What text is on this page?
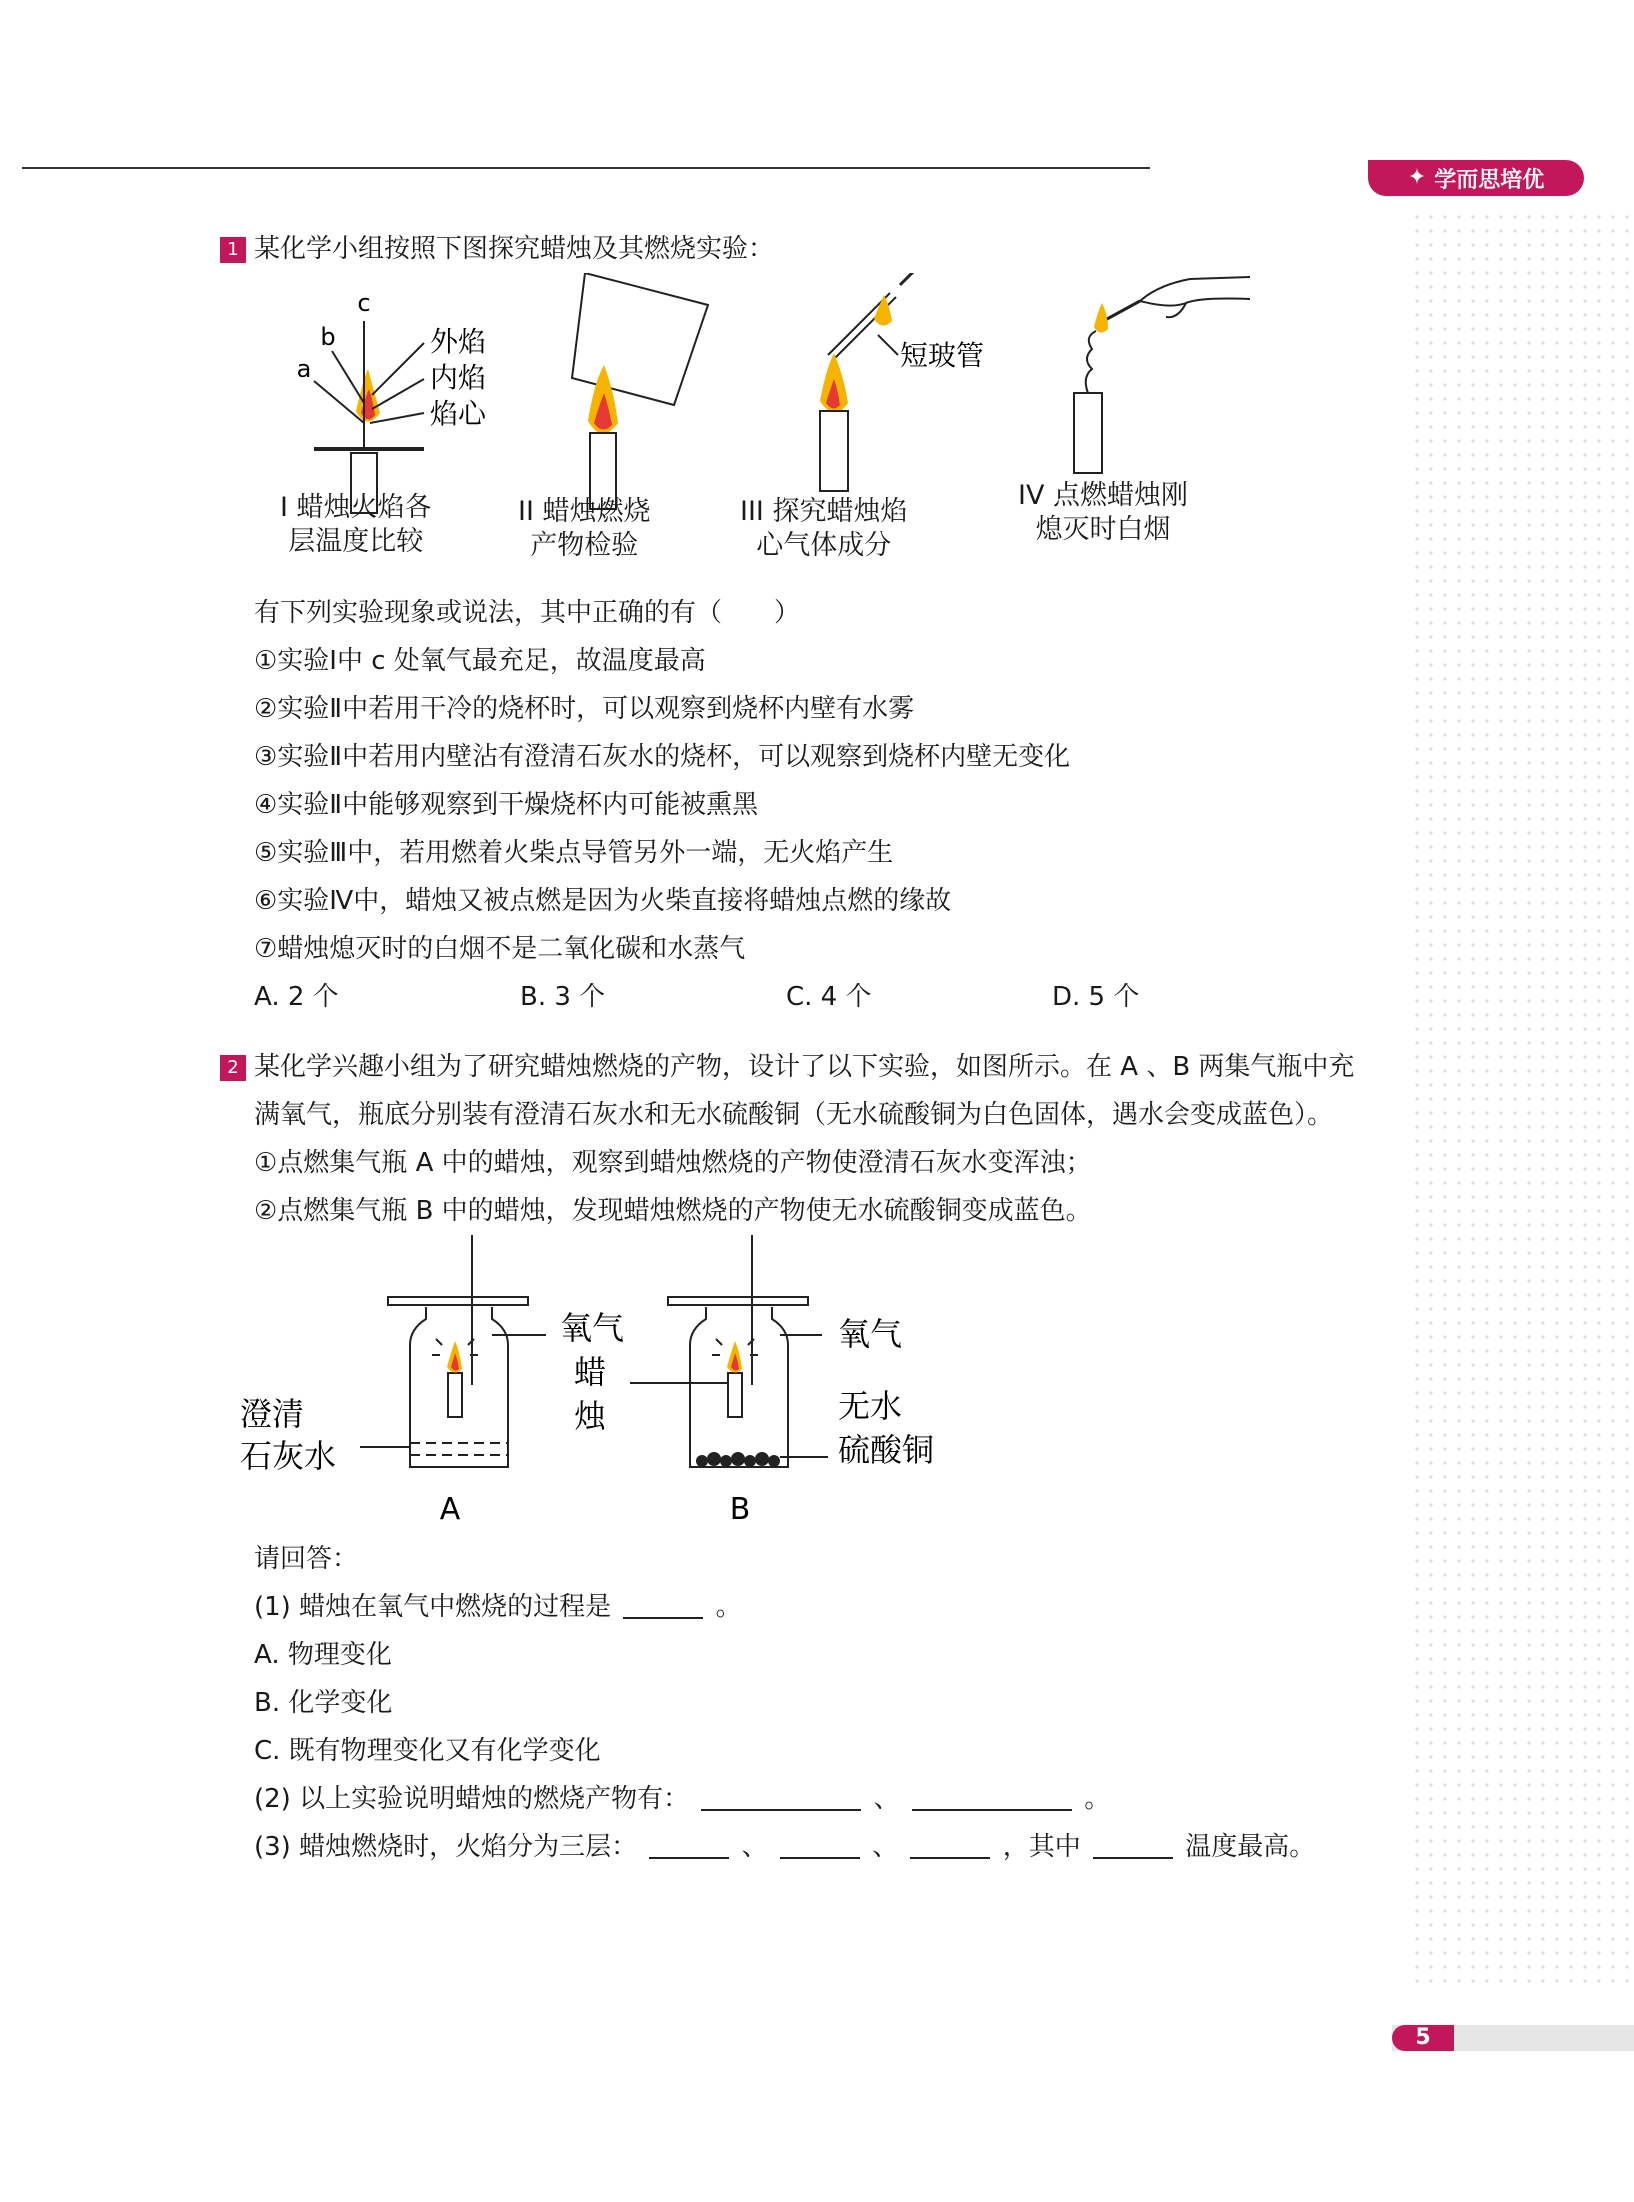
✦ 学而思培优
5
1 某化学小组按照下图探究蜡烛及其燃烧实验：
c
b
a
外焰
内焰
焰心
短玻管
I 蜡烛火焰各
层温度比较
II 蜡烛燃烧
产物检验
III 探究蜡烛焰
心气体成分
IV 点燃蜡烛刚
熄灭时白烟
有下列实验现象或说法，其中正确的有（　　）
①实验Ⅰ中 c 处氧气最充足，故温度最高
②实验Ⅱ中若用干冷的烧杯时，可以观察到烧杯内壁有水雾
③实验Ⅱ中若用内壁沾有澄清石灰水的烧杯，可以观察到烧杯内壁无变化
④实验Ⅱ中能够观察到干燥烧杯内可能被熏黑
⑤实验Ⅲ中，若用燃着火柴点导管另外一端，无火焰产生
⑥实验Ⅳ中，蜡烛又被点燃是因为火柴直接将蜡烛点燃的缘故
⑦蜡烛熄灭时的白烟不是二氧化碳和水蒸气
A. 2 个	B. 3 个	C. 4 个	D. 5 个
2 某化学兴趣小组为了研究蜡烛燃烧的产物，设计了以下实验，如图所示。在 A 、B 两集气瓶中充满氧气，瓶底分别装有澄清石灰水和无水硫酸铜（无水硫酸铜为白色固体，遇水会变成蓝色）。
①点燃集气瓶 A 中的蜡烛，观察到蜡烛燃烧的产物使澄清石灰水变浑浊；
②点燃集气瓶 B 中的蜡烛，发现蜡烛燃烧的产物使无水硫酸铜变成蓝色。
氧气
蜡
烛
澄清
石灰水
氧气
无水
硫酸铜
A	B
请回答：
(1) 蜡烛在氧气中燃烧的过程是	。
A. 物理变化
B. 化学变化
C. 既有物理变化又有化学变化
(2) 以上实验说明蜡烛的燃烧产物有：	、	。
(3) 蜡烛燃烧时，火焰分为三层：	、	、	，其中	温度最高。
